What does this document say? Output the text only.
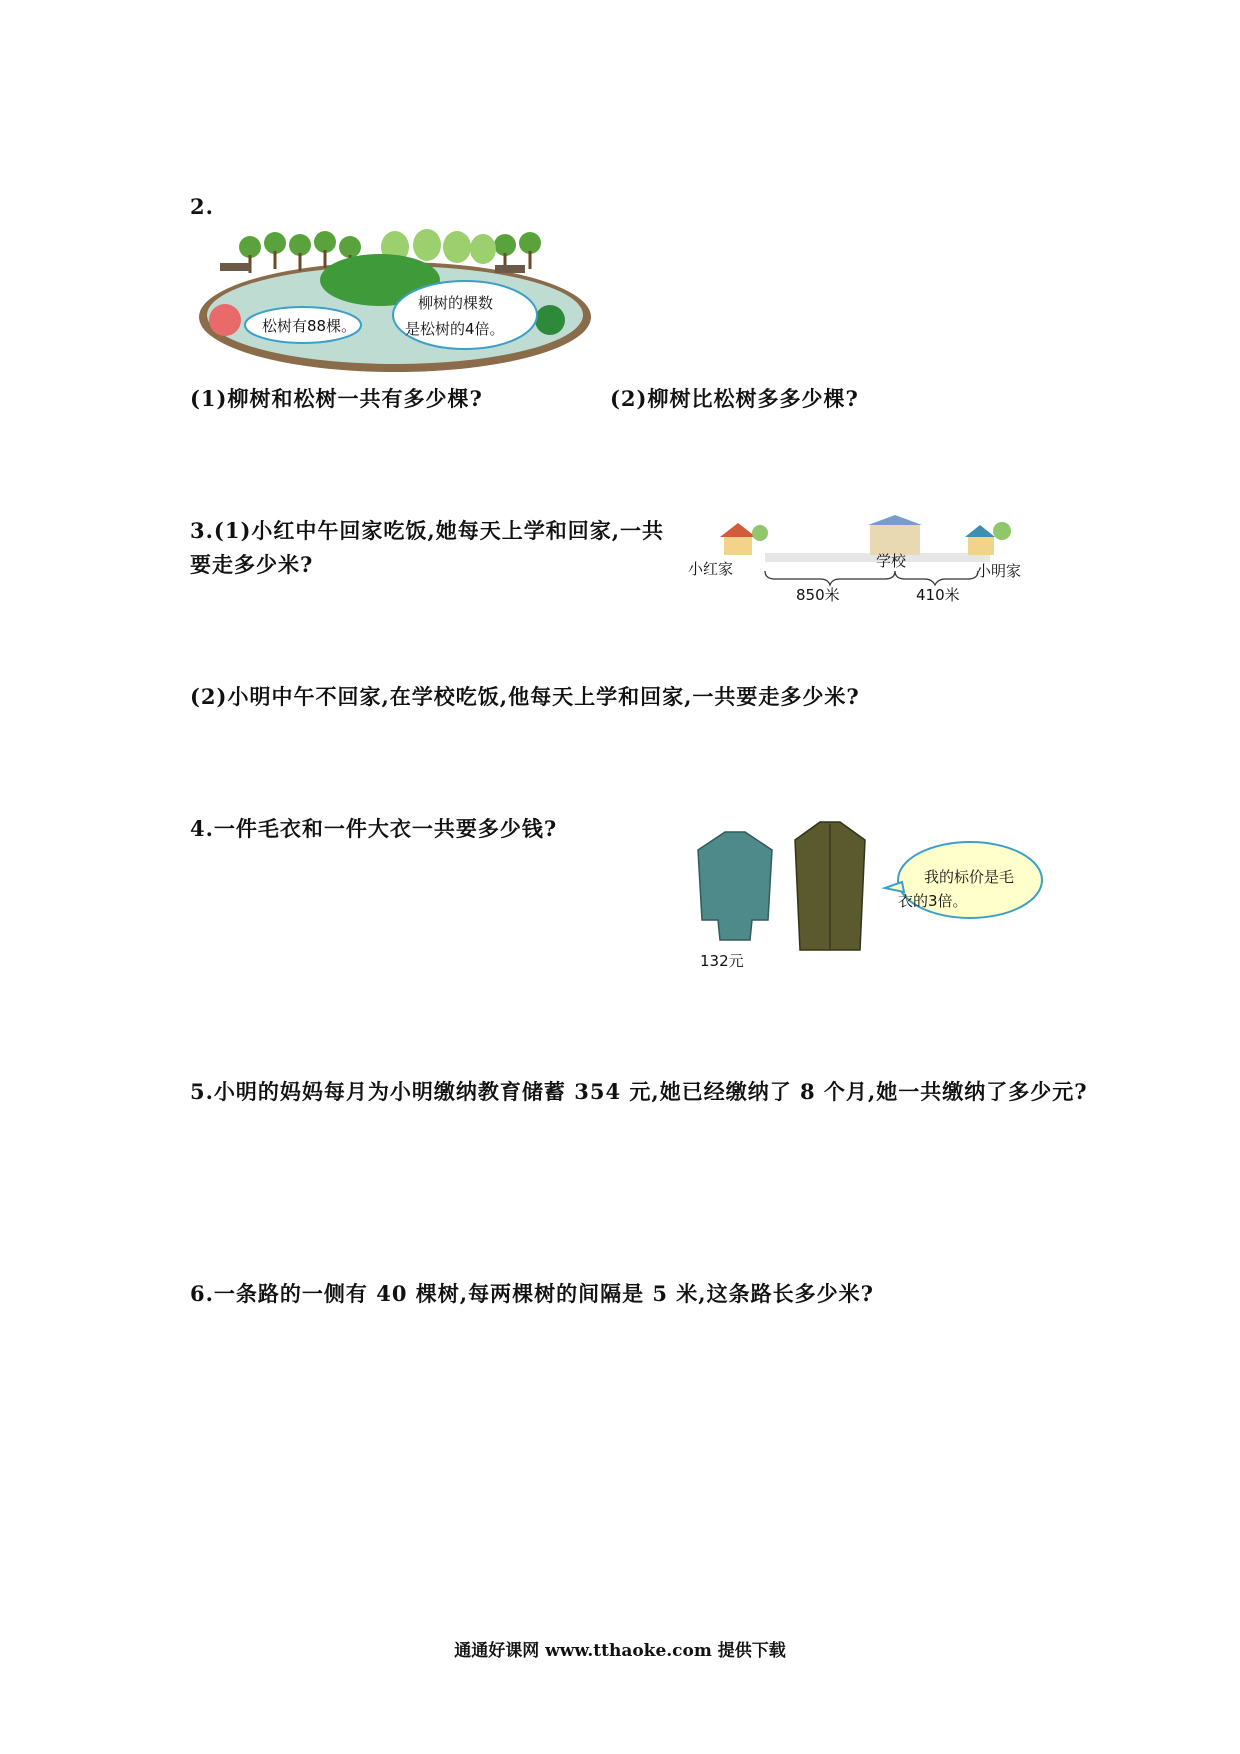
2.
松树有88棵。
柳树的棵数
是松树的4倍。
(1)柳树和松树一共有多少棵?	(2)柳树比松树多多少棵?
3.(1)小红中午回家吃饭,她每天上学和回家,一共
要走多少米?	小红家	学校
小明家
850米	410米
(2)小明中午不回家,在学校吃饭,他每天上学和回家,一共要走多少米?
4.一件毛衣和一件大衣一共要多少钱?
132元
我的标价是毛
衣的3倍。
5.小明的妈妈每月为小明缴纳教育储蓄 354 元,她已经缴纳了 8 个月,她一共缴纳了多少元?
6.一条路的一侧有 40 棵树,每两棵树的间隔是 5 米,这条路长多少米?
通通好课网 www.tthaoke.com 提供下载
